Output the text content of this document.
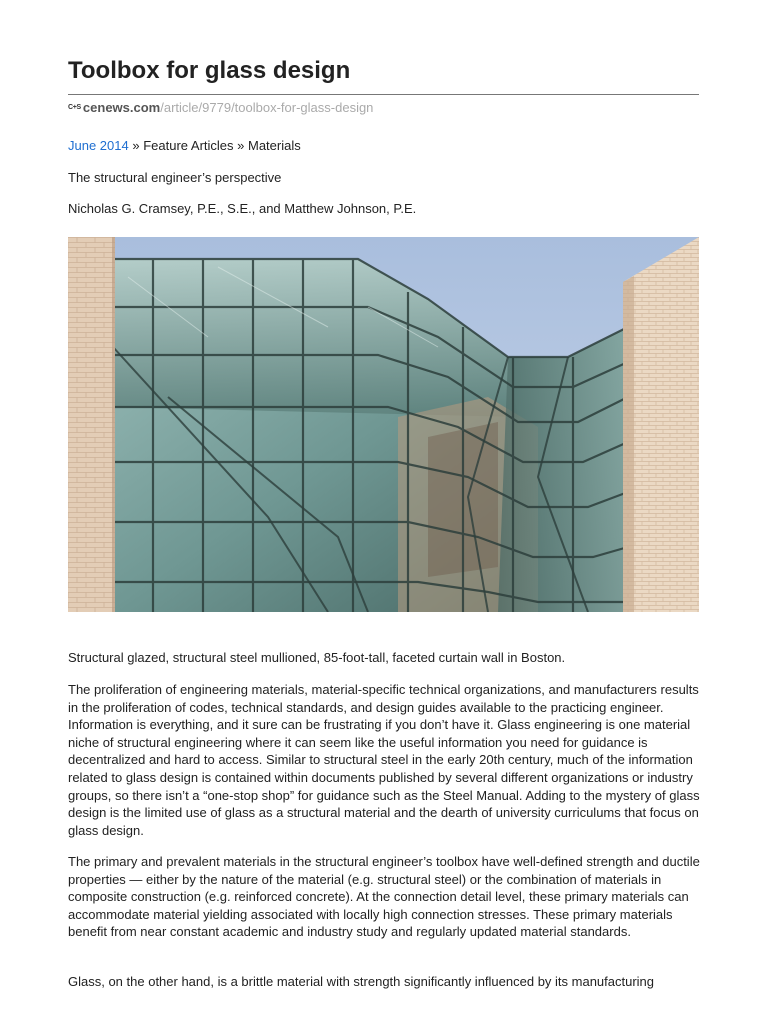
Toolbox for glass design
C+S cenews.com /article/9779/toolbox-for-glass-design
June 2014 » Feature Articles » Materials
The structural engineer’s perspective
Nicholas G. Cramsey, P.E., S.E., and Matthew Johnson, P.E.
Structural glazed, structural steel mullioned, 85-foot-tall, faceted curtain wall in Boston.
The proliferation of engineering materials, material-specific technical organizations, and manufacturers results in the proliferation of codes, technical standards, and design guides available to the practicing engineer. Information is everything, and it sure can be frustrating if you don’t have it. Glass engineering is one material niche of structural engineering where it can seem like the useful information you need for guidance is decentralized and hard to access. Similar to structural steel in the early 20th century, much of the information related to glass design is contained within documents published by several different organizations or industry groups, so there isn’t a “one-stop shop” for guidance such as the Steel Manual. Adding to the mystery of glass design is the limited use of glass as a structural material and the dearth of university curriculums that focus on glass design.
The primary and prevalent materials in the structural engineer’s toolbox have well-defined strength and ductile properties — either by the nature of the material (e.g. structural steel) or the combination of materials in composite construction (e.g. reinforced concrete). At the connection detail level, these primary materials can accommodate material yielding associated with locally high connection stresses. These primary materials benefit from near constant academic and industry study and regularly updated material standards.
Glass, on the other hand, is a brittle material with strength significantly influenced by its manufacturing
